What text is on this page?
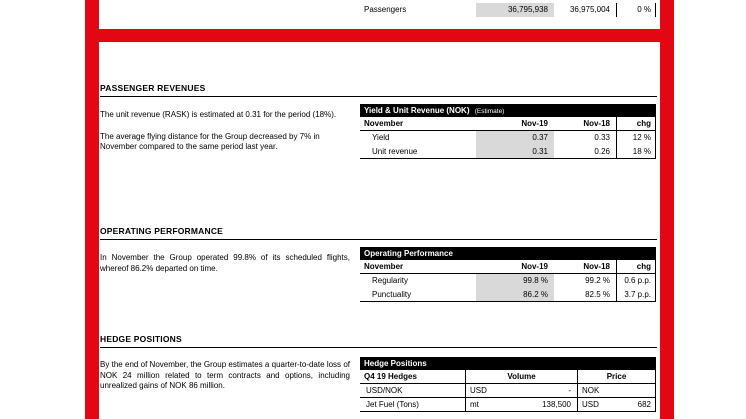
Passengers	36,795,938	36,975,004	0 %
PASSENGER REVENUES

The unit revenue (RASK) is estimated at 0.31 for the period (18%).

The average flying distance for the Group decreased by 7% in November compared to the same period last year.

Yield & Unit Revenue (NOK) (Estimate)
November	Nov-19	Nov-18	chg
Yield	0.37	0.33	12 %
Unit revenue	0.31	0.26	18 %
OPERATING PERFORMANCE

In November the Group operated 99.8% of its scheduled flights, whereof 86.2% departed on time.

Operating Performance
November	Nov-19	Nov-18	chg
Regularity	99.8 %	99.2 %	0.6 p.p.
Punctuality	86.2 %	82.5 %	3.7 p.p.
HEDGE POSITIONS

By the end of November, the Group estimates a quarter-to-date loss of NOK 24 million related to term contracts and options, including unrealized gains of NOK 86 million.

Hedge Positions
Q4 19 Hedges	Volume	Price
USD/NOK	USD	-	NOK
Jet Fuel (Tons)	mt	138,500	USD	682
